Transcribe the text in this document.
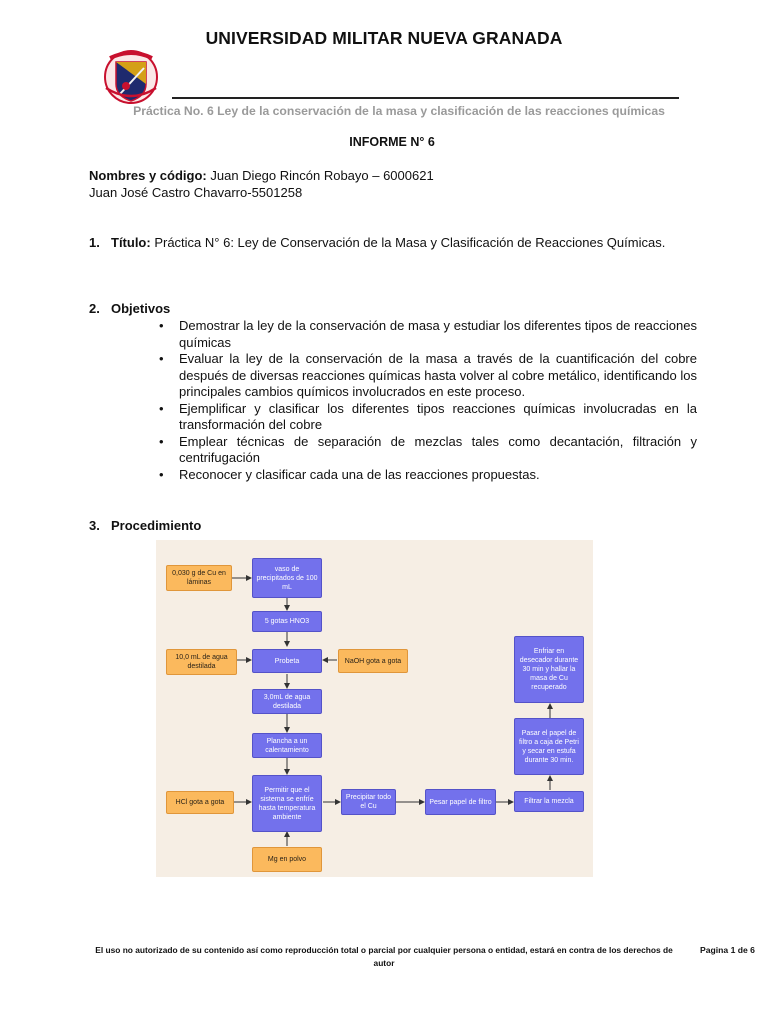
UNIVERSIDAD MILITAR NUEVA GRANADA
Práctica No. 6 Ley de la conservación de la masa y clasificación de las reacciones químicas
INFORME N° 6
Nombres y código: Juan Diego Rincón Robayo – 6000621
Juan José Castro Chavarro-5501258
1. Título: Práctica N° 6: Ley de Conservación de la Masa y Clasificación de Reacciones Químicas.
2. Objetivos

• Demostrar la ley de la conservación de masa y estudiar los diferentes tipos de reacciones químicas

• Evaluar la ley de la conservación de la masa a través de la cuantificación del cobre después de diversas reacciones químicas hasta volver al cobre metálico, identificando los principales cambios químicos involucrados en este proceso.

• Ejemplificar y clasificar los diferentes tipos reacciones químicas involucradas en la transformación del cobre

• Emplear técnicas de separación de mezclas tales como decantación, filtración y centrifugación

• Reconocer y clasificar cada una de las reacciones propuestas.

3. Procedimiento
0,030 g de Cu en láminas
vaso de precipitados de 100 mL
5 gotas HNO3
10,0 mL de agua destilada
Probeta	NaOH gota a gota
3,0mL de agua destilada
Plancha a un calentamiento
HCl gota a gota
Permitir que el sistema se enfríe hasta temperatura ambiente
Mg en polvo
Precipitar todo el Cu
Pesar papel de filtro	Filtrar la mezcla
Pasar el papel de filtro a caja de Petri y secar en estufa durante 30 min.
Enfriar en desecador durante 30 min y hallar la masa de Cu recuperado
El uso no autorizado de su contenido así como reproducción total o parcial por cualquier persona o entidad, estará en contra de los derechos de autor
Pagina 1 de 6
